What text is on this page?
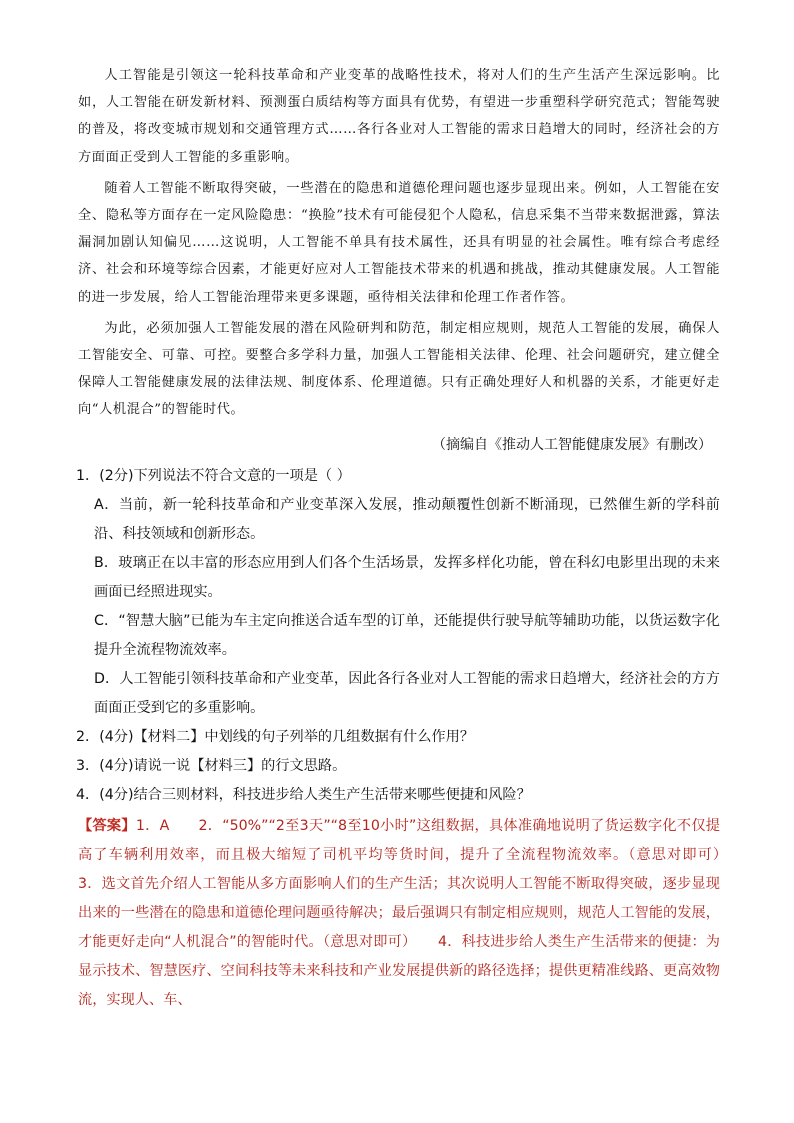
人工智能是引领这一轮科技革命和产业变革的战略性技术，将对人们的生产生活产生深远影响。比如，人工智能在研发新材料、预测蛋白质结构等方面具有优势，有望进一步重塑科学研究范式；智能驾驶的普及，将改变城市规划和交通管理方式……各行各业对人工智能的需求日趋增大的同时，经济社会的方方面面正受到人工智能的多重影响。

随着人工智能不断取得突破，一些潜在的隐患和道德伦理问题也逐步显现出来。例如，人工智能在安全、隐私等方面存在一定风险隐患：“换脸”技术有可能侵犯个人隐私，信息采集不当带来数据泄露，算法漏洞加剧认知偏见……这说明，人工智能不单具有技术属性，还具有明显的社会属性。唯有综合考虑经济、社会和环境等综合因素，才能更好应对人工智能技术带来的机遇和挑战，推动其健康发展。人工智能的进一步发展，给人工智能治理带来更多课题，亟待相关法律和伦理工作者作答。

为此，必须加强人工智能发展的潜在风险研判和防范，制定相应规则，规范人工智能的发展，确保人工智能安全、可靠、可控。要整合多学科力量，加强人工智能相关法律、伦理、社会问题研究，建立健全保障人工智能健康发展的法律法规、制度体系、伦理道德。只有正确处理好人和机器的关系，才能更好走向“人机混合”的智能时代。

（摘编自《推动人工智能健康发展》有删改）
1．(2分)下列说法不符合文意的一项是（ ）
A．当前，新一轮科技革命和产业变革深入发展，推动颠覆性创新不断涌现，已然催生新的学科前沿、科技领域和创新形态。
B．玻璃正在以丰富的形态应用到人们各个生活场景，发挥多样化功能，曾在科幻电影里出现的未来画面已经照进现实。
C．“智慧大脑”已能为车主定向推送合适车型的订单，还能提供行驶导航等辅助功能，以货运数字化提升全流程物流效率。
D．人工智能引领科技革命和产业变革，因此各行各业对人工智能的需求日趋增大，经济社会的方方面面正受到它的多重影响。
2．(4分)【材料二】中划线的句子列举的几组数据有什么作用？
3．(4分)请说一说【材料三】的行文思路。
4．(4分)结合三则材料，科技进步给人类生产生活带来哪些便捷和风险？
【答案】1．A　　2．“50%”“2至3天”“8至10小时”这组数据，具体准确地说明了货运数字化不仅提高了车辆利用效率，而且极大缩短了司机平均等货时间，提升了全流程物流效率。（意思对即可）　　3．选文首先介绍人工智能从多方面影响人们的生产生活；其次说明人工智能不断取得突破，逐步显现出来的一些潜在的隐患和道德伦理问题亟待解决；最后强调只有制定相应规则，规范人工智能的发展，才能更好走向“人机混合”的智能时代。（意思对即可）　　4．科技进步给人类生产生活带来的便捷：为显示技术、智慧医疗、空间科技等未来科技和产业发展提供新的路径选择；提供更精准线路、更高效物流，实现人、车、
